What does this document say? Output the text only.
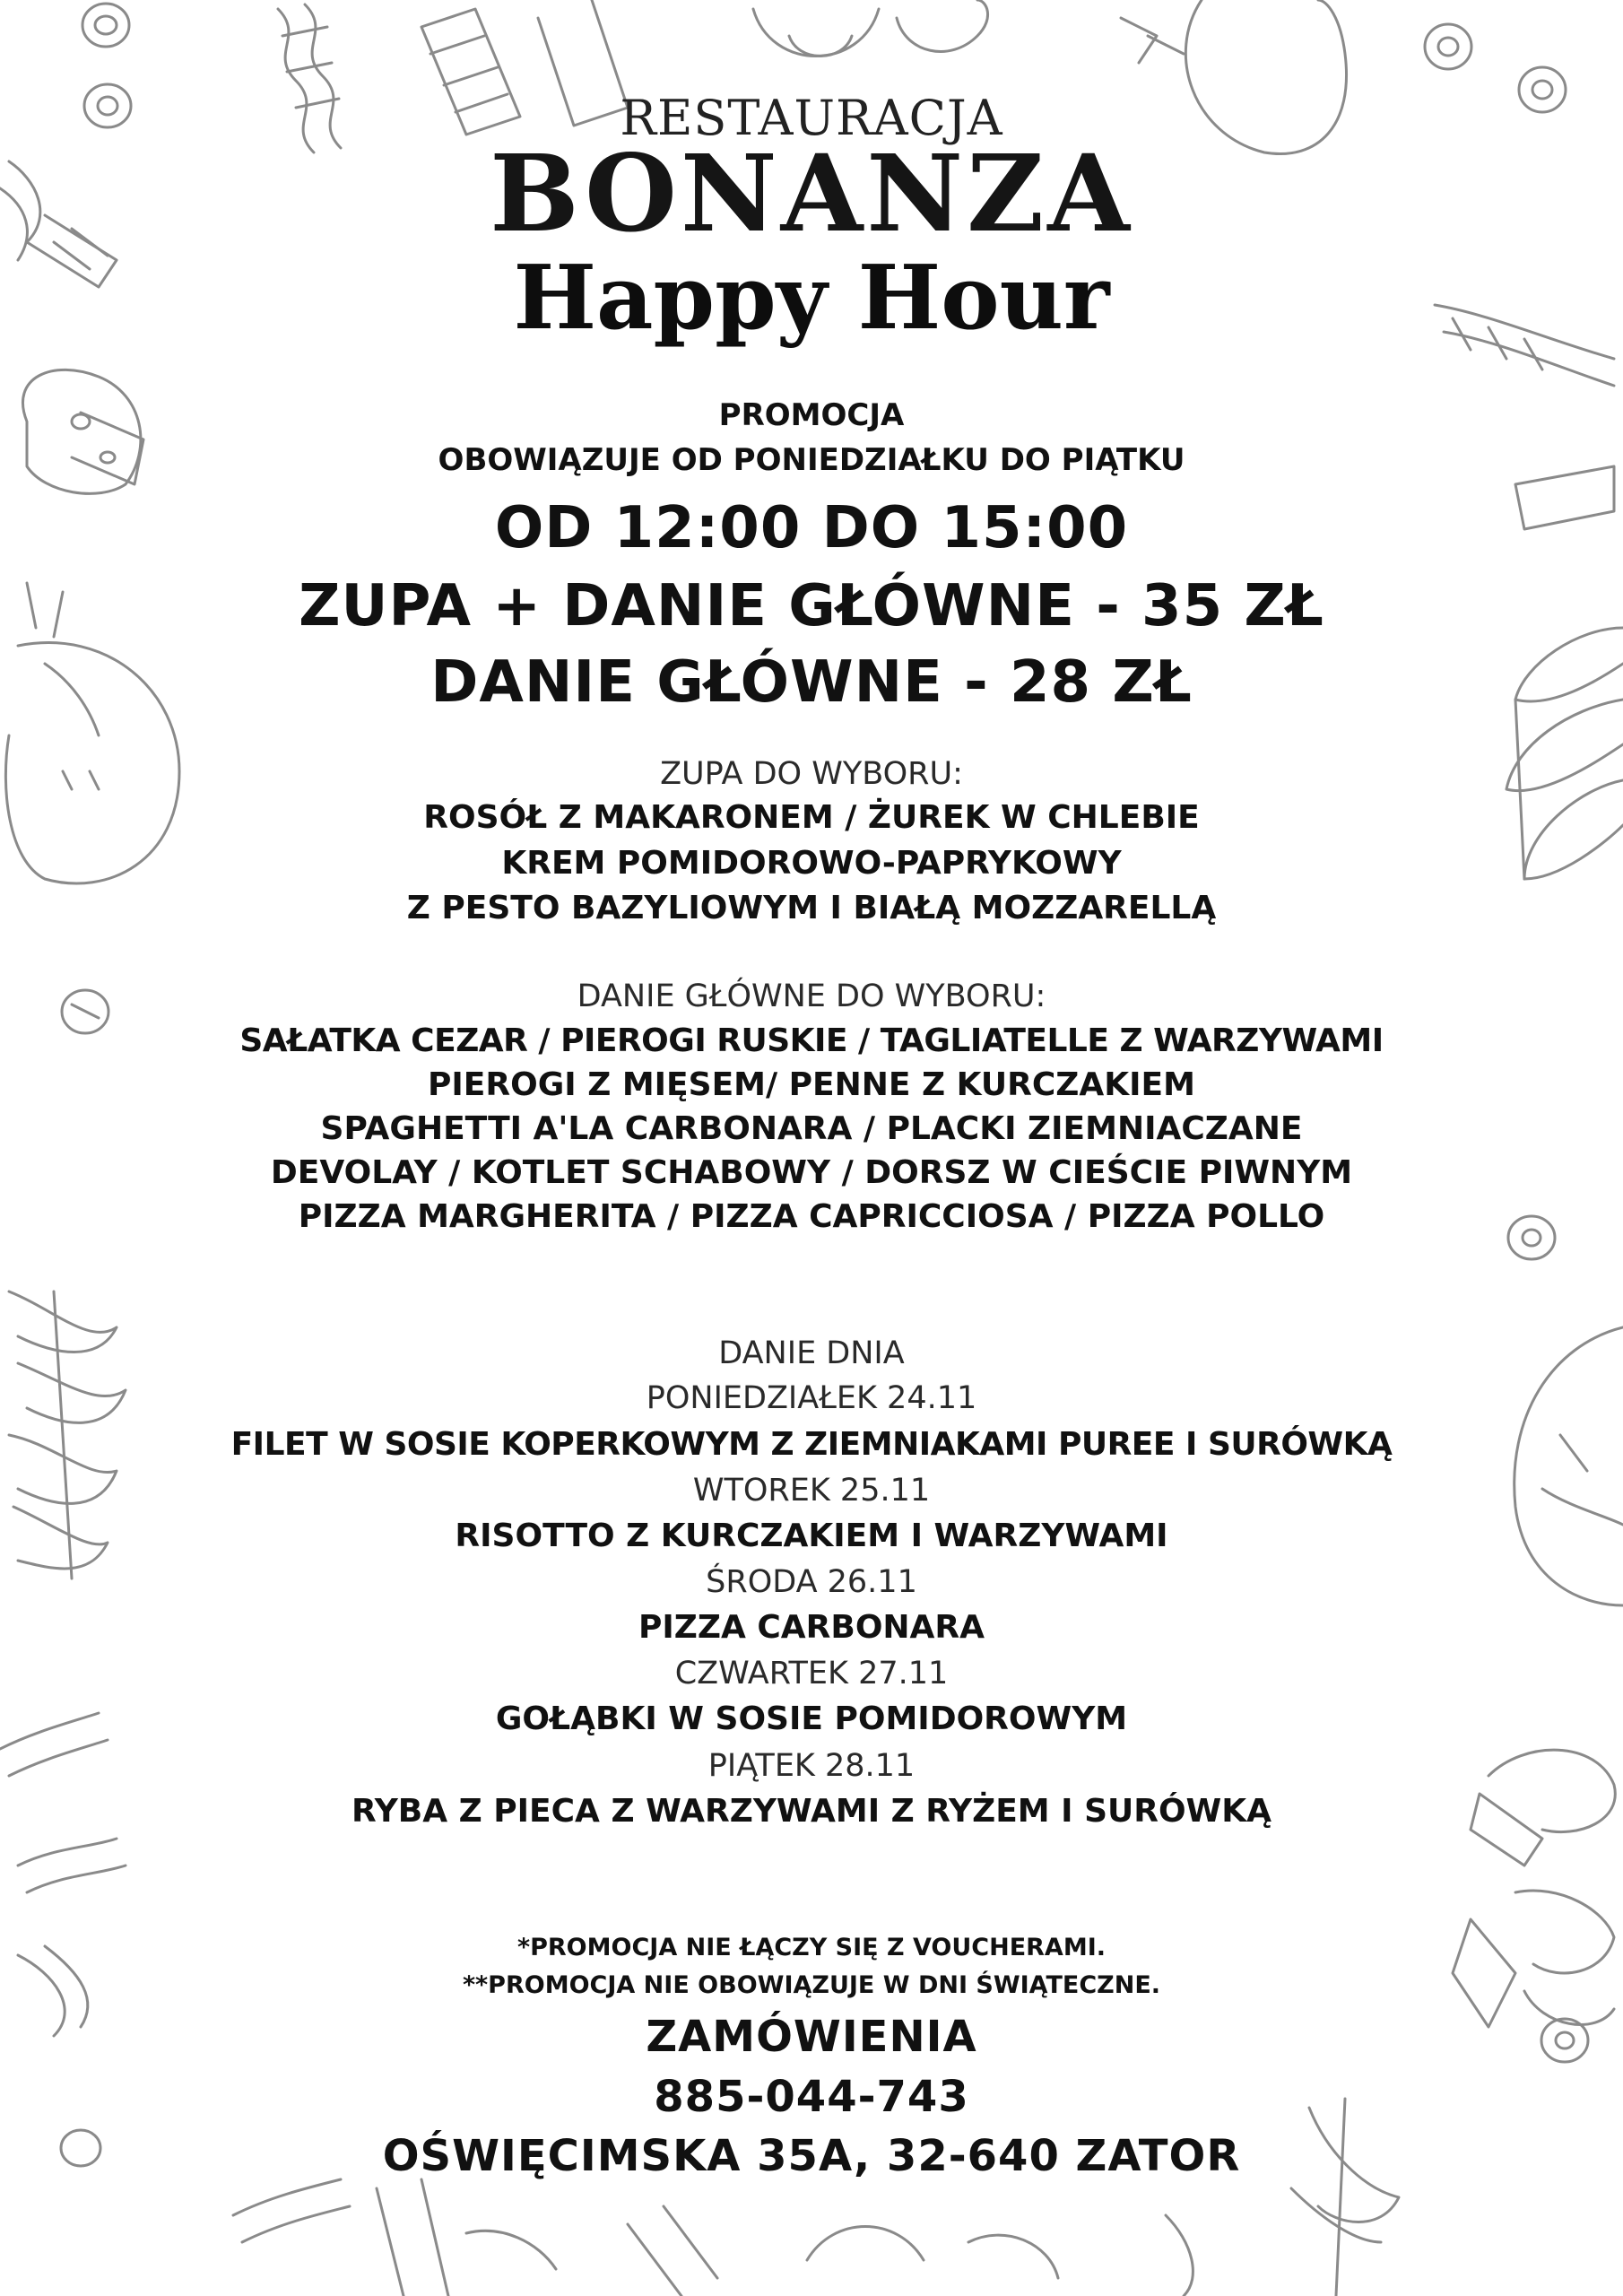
RESTAURACJA
BONANZA
Happy Hour
PROMOCJA
OBOWIĄZUJE OD PONIEDZIAŁKU DO PIĄTKU
OD 12:00 DO 15:00
ZUPA + DANIE GŁÓWNE - 35 ZŁ
DANIE GŁÓWNE - 28 ZŁ
ZUPA DO WYBORU:
ROSÓŁ Z MAKARONEM / ŻUREK W CHLEBIE
KREM POMIDOROWO-PAPRYKOWY
Z PESTO BAZYLIOWYM I BIAŁĄ MOZZARELLĄ
DANIE GŁÓWNE DO WYBORU:
SAŁATKA CEZAR / PIEROGI RUSKIE / TAGLIATELLE Z WARZYWAMI
PIEROGI Z MIĘSEM/ PENNE Z KURCZAKIEM
SPAGHETTI A'LA CARBONARA / PLACKI ZIEMNIACZANE
DEVOLAY / KOTLET SCHABOWY / DORSZ W CIEŚCIE PIWNYM
PIZZA MARGHERITA / PIZZA CAPRICCIOSA / PIZZA POLLO
DANIE DNIA
PONIEDZIAŁEK 24.11
FILET W SOSIE KOPERKOWYM Z ZIEMNIAKAMI PUREE I SURÓWKĄ
WTOREK 25.11
RISOTTO Z KURCZAKIEM I WARZYWAMI
ŚRODA 26.11
PIZZA CARBONARA
CZWARTEK 27.11
GOŁĄBKI W SOSIE POMIDOROWYM
PIĄTEK 28.11
RYBA Z PIECA Z WARZYWAMI Z RYŻEM I SURÓWKĄ
*PROMOCJA NIE ŁĄCZY SIĘ Z VOUCHERAMI.
**PROMOCJA NIE OBOWIĄZUJE W DNI ŚWIĄTECZNE.
ZAMÓWIENIA
885-044-743
OŚWIĘCIMSKA 35A, 32-640 ZATOR
